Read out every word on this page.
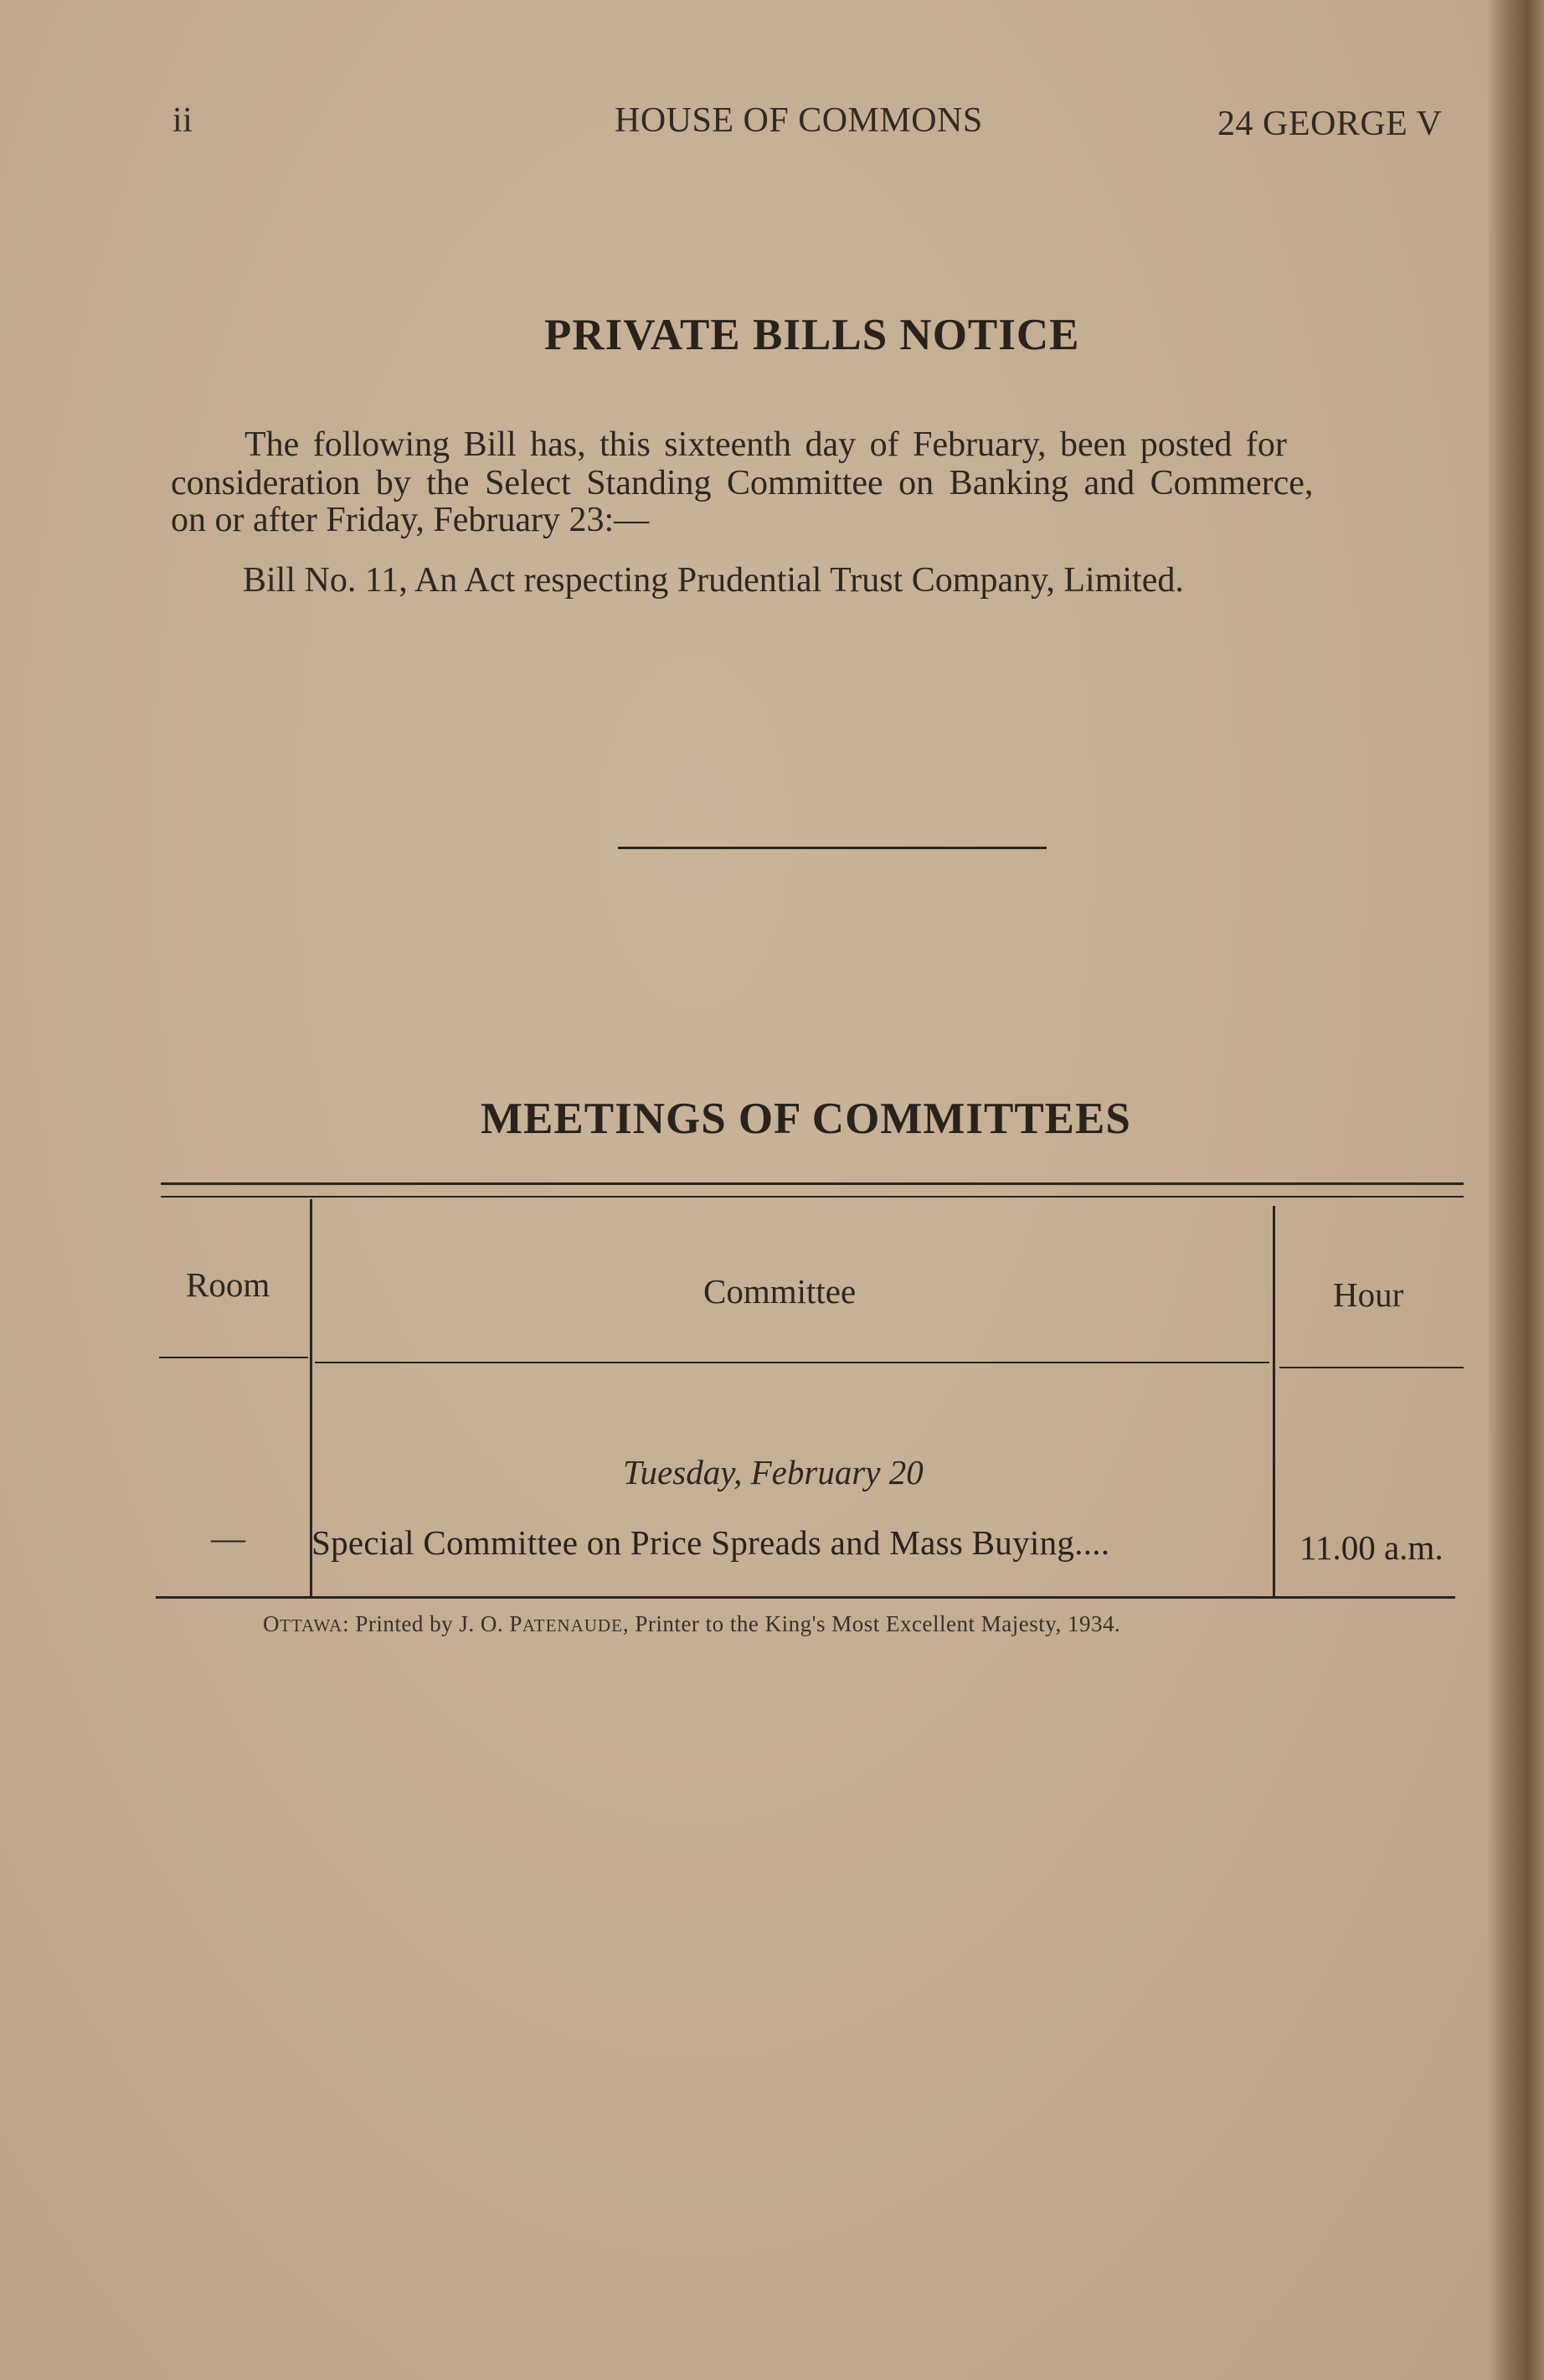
ii	HOUSE OF COMMONS	24 GEORGE V
PRIVATE BILLS NOTICE
The following Bill has, this sixteenth day of February, been posted for
consideration by the Select Standing Committee on Banking and Commerce,
on or after Friday, February 23:—
Bill No. 11, An Act respecting Prudential Trust Company, Limited.
MEETINGS OF COMMITTEES
Room	Committee	Hour
Tuesday, February 20
— Special Committee on Price Spreads and Mass Buying....	11.00 a.m.
OTTAWA: Printed by J. O. PATENAUDE, Printer to the King's Most Excellent Majesty, 1934.
